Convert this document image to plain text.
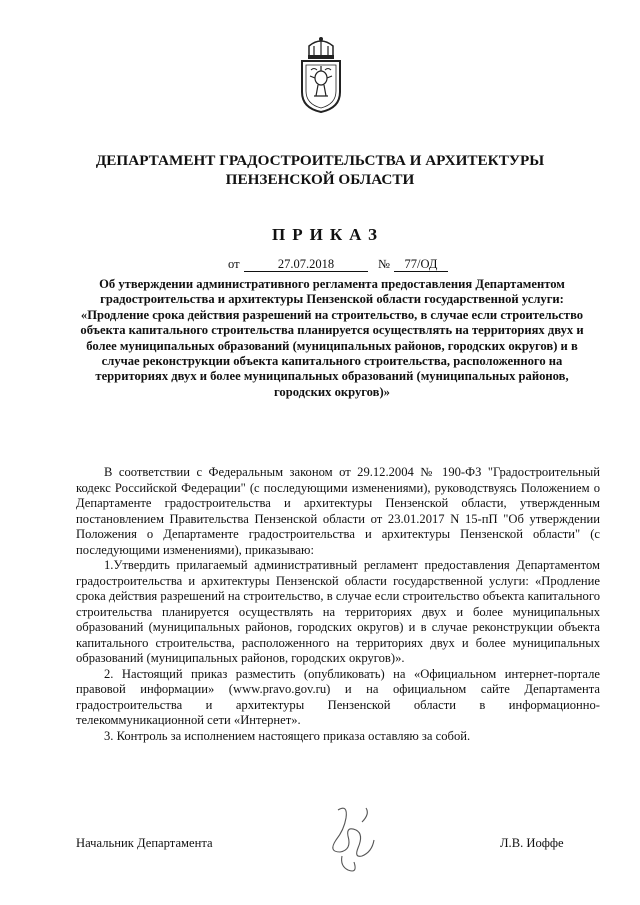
ДЕПАРТАМЕНТ ГРАДОСТРОИТЕЛЬСТВА И АРХИТЕКТУРЫ
ПЕНЗЕНСКОЙ ОБЛАСТИ
ПРИКАЗ
от	27.07.2018	№	77/ОД
Об утверждении административного регламента предоставления Департаментом градостроительства и архитектуры Пензенской области государственной услуги: «Продление срока действия разрешений на строительство, в случае если строительство объекта капитального строительства планируется осуществлять на территориях двух и более муниципальных образований (муниципальных районов, городских округов) и в случае реконструкции объекта капитального строительства, расположенного на территориях двух и более муниципальных образований (муниципальных районов, городских округов)»

В соответствии с Федеральным законом от 29.12.2004 № 190-ФЗ "Градостроительный кодекс Российской Федерации" (с последующими изменениями), руководствуясь Положением о Департаменте градостроительства и архитектуры Пензенской области, утвержденным постановлением Правительства Пензенской области от 23.01.2017 N 15-пП "Об утверждении Положения о Департаменте градостроительства и архитектуры Пензенской области" (с последующими изменениями), приказываю:

1.Утвердить прилагаемый административный регламент предоставления Департаментом градостроительства и архитектуры Пензенской области государственной услуги: «Продление срока действия разрешений на строительство, в случае если строительство объекта капитального строительства планируется осуществлять на территориях двух и более муниципальных образований (муниципальных районов, городских округов) и в случае реконструкции объекта капитального строительства, расположенного на территориях двух и более муниципальных образований (муниципальных районов, городских округов)».

2. Настоящий приказ разместить (опубликовать) на «Официальном интернет-портале правовой информации» (www.pravo.gov.ru) и на официальном сайте Департамента градостроительства и архитектуры Пензенской области в информационно-телекоммуникационной сети «Интернет».

3. Контроль за исполнением настоящего приказа оставляю за собой.

Начальник Департамента	Л.В. Иоффе
